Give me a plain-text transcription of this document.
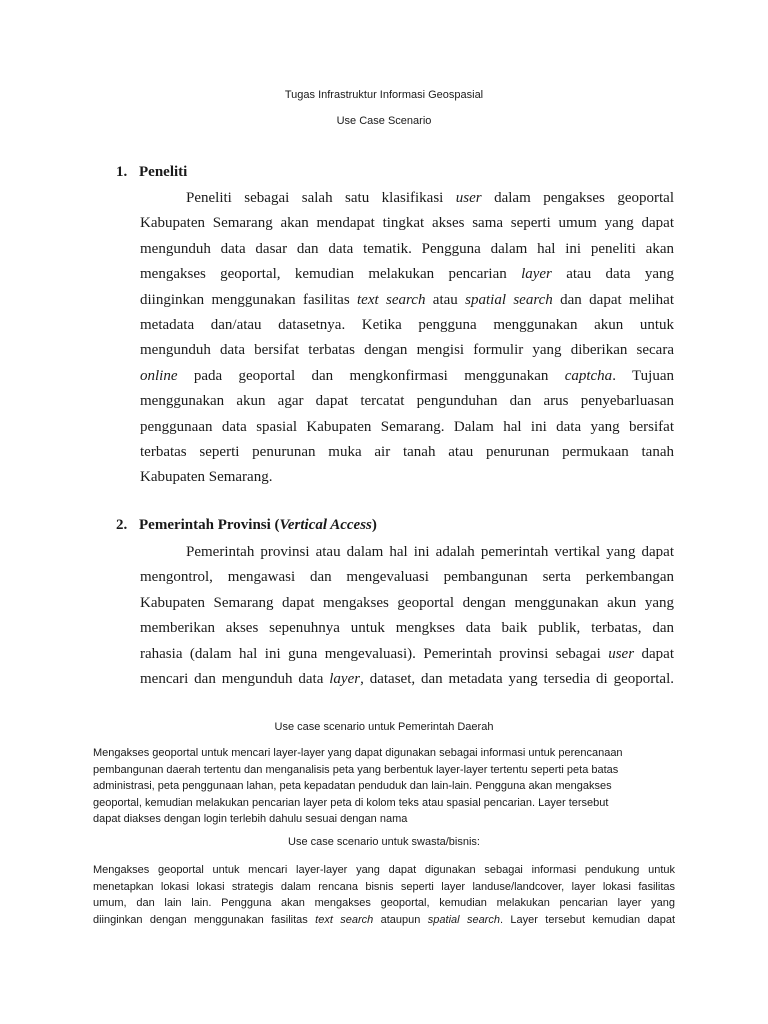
Tugas Infrastruktur Informasi Geospasial
Use Case Scenario
1. Peneliti
Peneliti sebagai salah satu klasifikasi user dalam pengakses geoportal
Kabupaten Semarang akan mendapat tingkat akses sama seperti umum yang dapat
mengunduh data dasar dan data tematik. Pengguna dalam hal ini peneliti akan
mengakses geoportal, kemudian melakukan pencarian layer atau data yang
diinginkan menggunakan fasilitas text search atau spatial search dan dapat melihat
metadata dan/atau datasetnya. Ketika pengguna menggunakan akun untuk
mengunduh data bersifat terbatas dengan mengisi formulir yang diberikan secara
online pada geoportal dan mengkonfirmasi menggunakan captcha. Tujuan
menggunakan akun agar dapat tercatat pengunduhan dan arus penyebarluasan
penggunaan data spasial Kabupaten Semarang. Dalam hal ini data yang bersifat
terbatas seperti penurunan muka air tanah atau penurunan permukaan tanah
Kabupaten Semarang.
2. Pemerintah Provinsi (Vertical Access)
Pemerintah provinsi atau dalam hal ini adalah pemerintah vertikal yang dapat
mengontrol, mengawasi dan mengevaluasi pembangunan serta perkembangan
Kabupaten Semarang dapat mengakses geoportal dengan menggunakan akun yang
memberikan akses sepenuhnya untuk mengkses data baik publik, terbatas, dan
rahasia (dalam hal ini guna mengevaluasi). Pemerintah provinsi sebagai user dapat
mencari dan mengunduh data layer, dataset, dan metadata yang tersedia di geoportal.
Use case scenario untuk Pemerintah Daerah
Mengakses geoportal untuk mencari layer-layer yang dapat digunakan sebagai informasi untuk perencanaan
pembangunan daerah tertentu dan menganalisis peta yang berbentuk layer-layer tertentu seperti peta batas
administrasi, peta penggunaan lahan, peta kepadatan penduduk dan lain-lain. Pengguna akan mengakses
geoportal, kemudian melakukan pencarian layer peta di kolom teks atau spasial pencarian. Layer tersebut
dapat diakses dengan login terlebih dahulu sesuai dengan nama
Use case scenario untuk swasta/bisnis:
Mengakses geoportal untuk mencari layer-layer yang dapat digunakan sebagai informasi pendukung untuk
menetapkan lokasi lokasi strategis dalam rencana bisnis seperti layer landuse/landcover, layer lokasi fasilitas
umum, dan lain lain. Pengguna akan mengakses geoportal, kemudian melakukan pencarian layer yang
diinginkan dengan menggunakan fasilitas text search ataupun spatial search. Layer tersebut kemudian dapat
